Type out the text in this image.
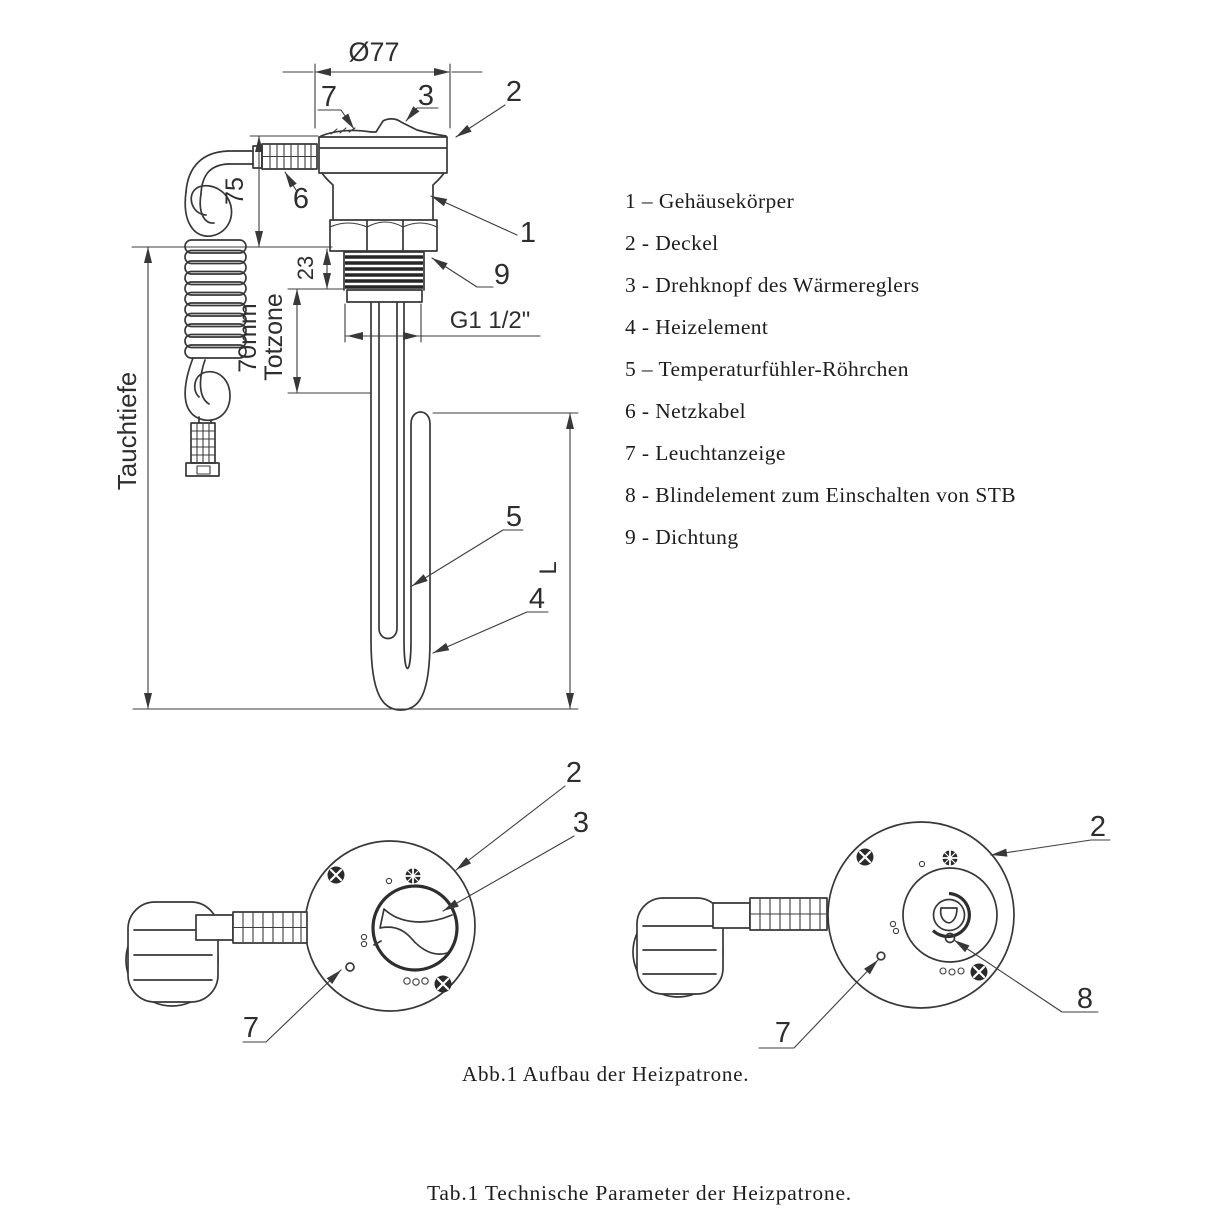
Ø77
75
Tauchtiefe
23
70mm
Totzone	G1 1/2"
L
7	3 2
6
1
9
5
4
2
3
7
2
7
8
1 – Gehäusekörper
2 - Deckel
3 - Drehknopf des Wärmereglers
4 - Heizelement
5 – Temperaturfühler-Röhrchen
6 - Netzkabel
7 - Leuchtanzeige
8 - Blindelement zum Einschalten von STB
9 - Dichtung
Abb.1 Aufbau der Heizpatrone.
Tab.1 Technische Parameter der Heizpatrone.
